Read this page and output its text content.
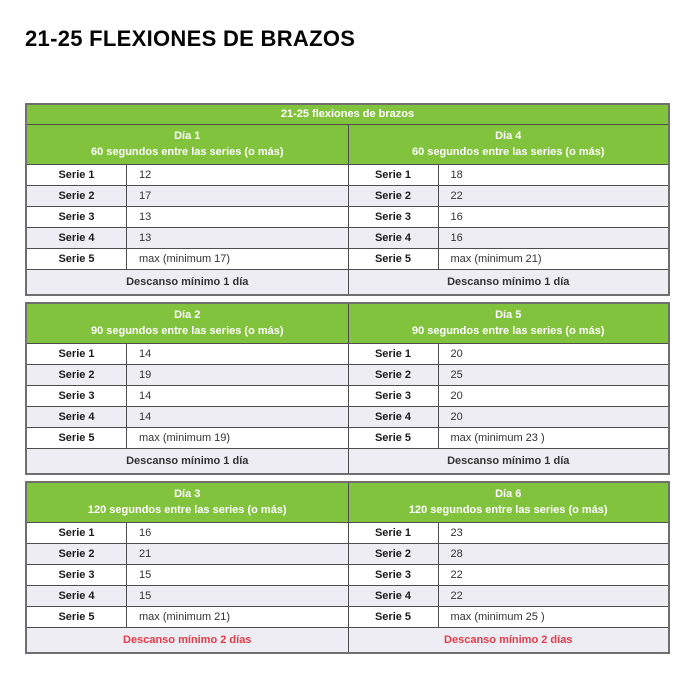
21-25 FLEXIONES DE BRAZOS
21-25 flexiones de brazos
Día 1
60 segundos entre las series (o más)
Serie 1	12
Serie 2	17
Serie 3	13
Serie 4	13
Serie 5	max (minimum 17)
Descanso mínimo 1 día
Día 4
60 segundos entre las series (o más)
Serie 1	18
Serie 2	22
Serie 3	16
Serie 4	16
Serie 5	max (minimum 21)
Descanso mínimo 1 día
Día 2
90 segundos entre las series (o más)
Serie 1	14
Serie 2	19
Serie 3	14
Serie 4	14
Serie 5	max (minimum 19)
Descanso mínimo 1 día
Día 5
90 segundos entre las series (o más)
Serie 1	20
Serie 2	25
Serie 3	20
Serie 4	20
Serie 5	max (minimum 23 )
Descanso mínimo 1 día
Día 3
120 segundos entre las series (o más)
Serie 1	16
Serie 2	21
Serie 3	15
Serie 4	15
Serie 5	max (minimum 21)
Descanso mínimo 2 días
Día 6
120 segundos entre las series (o más)
Serie 1	23
Serie 2	28
Serie 3	22
Serie 4	22
Serie 5	max (minimum 25 )
Descanso mínimo 2 días
